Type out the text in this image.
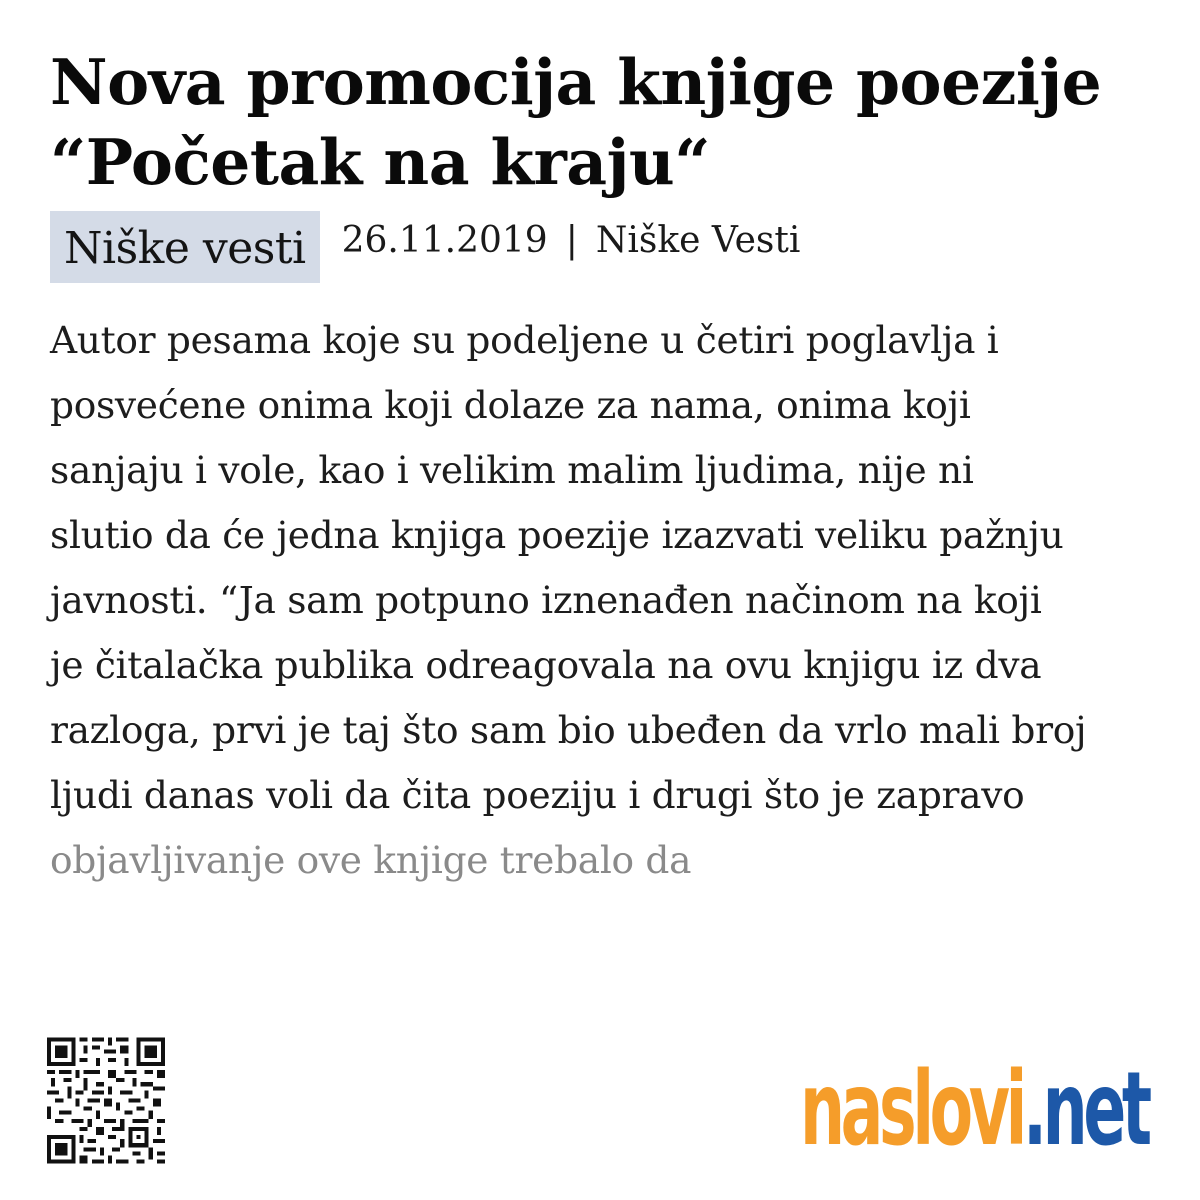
Nova promocija knjige poezije
“Početak na kraju“
Niške vesti	26.11.2019 | Niške Vesti

Autor pesama koje su podeljene u četiri poglavlja i
posvećene onima koji dolaze za nama, onima koji
sanjaju i vole, kao i velikim malim ljudima, nije ni
slutio da će jedna knjiga poezije izazvati veliku pažnju
javnosti. “Ja sam potpuno iznenađen načinom na koji
je čitalačka publika odreagovala na ovu knjigu iz dva
razloga, prvi je taj što sam bio ubeđen da vrlo mali broj
ljudi danas voli da čita poeziju i drugi što je zapravo
objavljivanje ove knjige trebalo da

naslovi.net
